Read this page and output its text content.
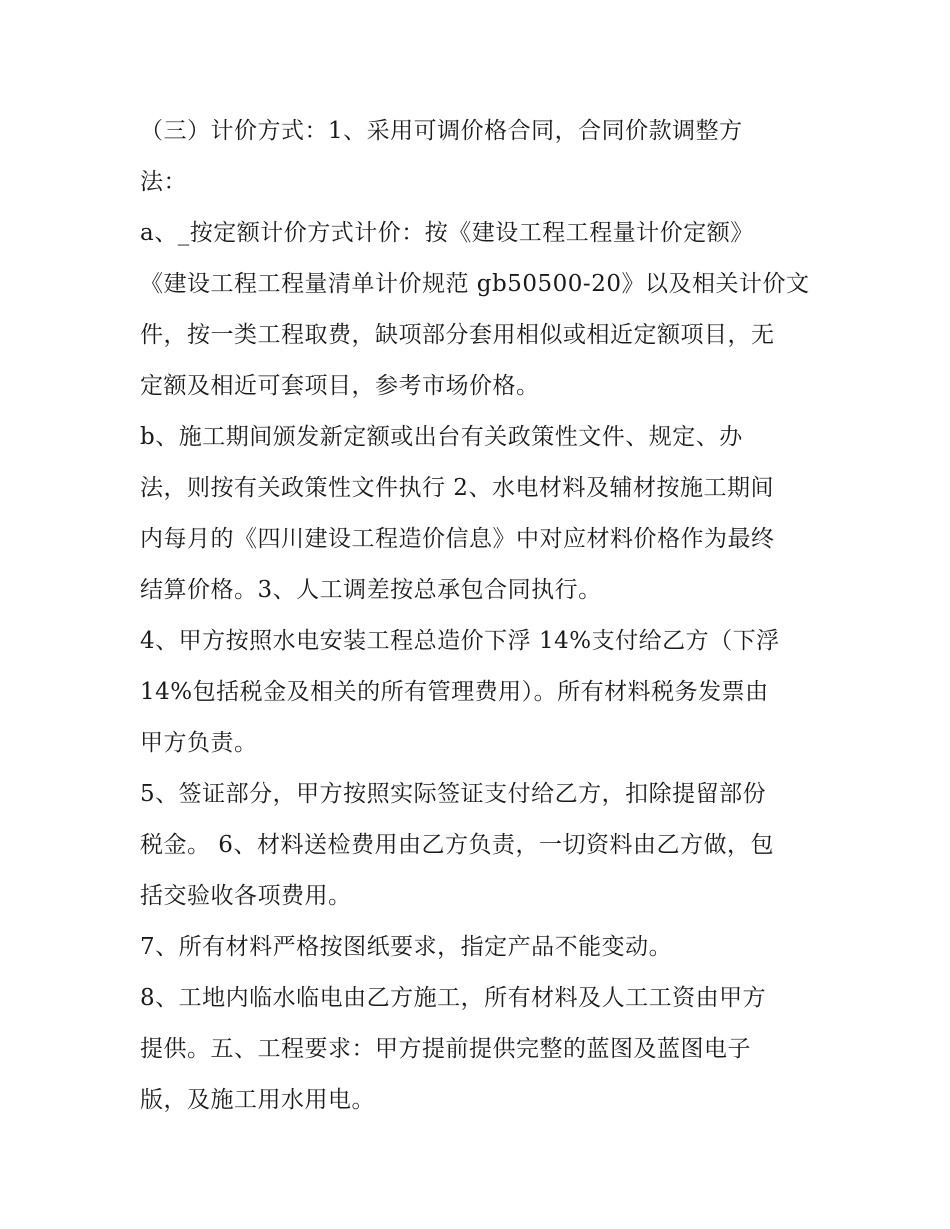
（三）计价方式：1、采用可调价格合同，合同价款调整方
法：
a、_按定额计价方式计价：按《建设工程工程量计价定额》
《建设工程工程量清单计价规范 gb50500-20》以及相关计价文
件，按一类工程取费，缺项部分套用相似或相近定额项目，无
定额及相近可套项目，参考市场价格。
b、施工期间颁发新定额或出台有关政策性文件、规定、办
法，则按有关政策性文件执行 2、水电材料及辅材按施工期间
内每月的《四川建设工程造价信息》中对应材料价格作为最终
结算价格。3、人工调差按总承包合同执行。
4、甲方按照水电安装工程总造价下浮 14%支付给乙方（下浮
14%包括税金及相关的所有管理费用）。所有材料税务发票由
甲方负责。
5、签证部分，甲方按照实际签证支付给乙方，扣除提留部份
税金。 6、材料送检费用由乙方负责，一切资料由乙方做，包
括交验收各项费用。
7、所有材料严格按图纸要求，指定产品不能变动。
8、工地内临水临电由乙方施工，所有材料及人工工资由甲方
提供。五、工程要求：甲方提前提供完整的蓝图及蓝图电子
版，及施工用水用电。
